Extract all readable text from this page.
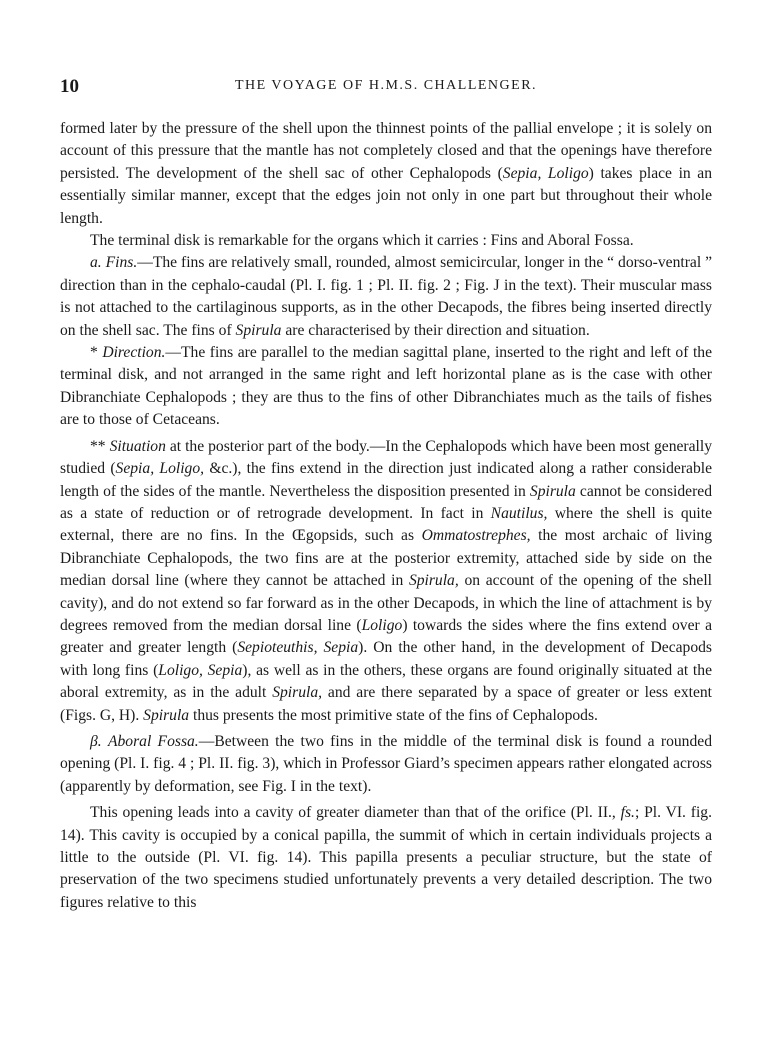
10	THE VOYAGE OF H.M.S. CHALLENGER.

formed later by the pressure of the shell upon the thinnest points of the pallial envelope ; it is solely on account of this pressure that the mantle has not completely closed and that the openings have therefore persisted. The development of the shell sac of other Cephalopods (Sepia, Loligo) takes place in an essentially similar manner, except that the edges join not only in one part but throughout their whole length.

The terminal disk is remarkable for the organs which it carries : Fins and Aboral Fossa.

a. Fins.—The fins are relatively small, rounded, almost semicircular, longer in the “ dorso-ventral ” direction than in the cephalo-caudal (Pl. I. fig. 1 ; Pl. II. fig. 2 ; Fig. J in the text). Their muscular mass is not attached to the cartilaginous supports, as in the other Decapods, the fibres being inserted directly on the shell sac. The fins of Spirula are characterised by their direction and situation.

* Direction.—The fins are parallel to the median sagittal plane, inserted to the right and left of the terminal disk, and not arranged in the same right and left horizontal plane as is the case with other Dibranchiate Cephalopods ; they are thus to the fins of other Dibranchiates much as the tails of fishes are to those of Cetaceans.

** Situation at the posterior part of the body.—In the Cephalopods which have been most generally studied (Sepia, Loligo, &c.), the fins extend in the direction just indicated along a rather considerable length of the sides of the mantle. Nevertheless the disposition presented in Spirula cannot be considered as a state of reduction or of retrograde development. In fact in Nautilus, where the shell is quite external, there are no fins. In the Œgopsids, such as Ommatostrephes, the most archaic of living Dibranchiate Cephalopods, the two fins are at the posterior extremity, attached side by side on the median dorsal line (where they cannot be attached in Spirula, on account of the opening of the shell cavity), and do not extend so far forward as in the other Decapods, in which the line of attachment is by degrees removed from the median dorsal line (Loligo) towards the sides where the fins extend over a greater and greater length (Sepioteuthis, Sepia). On the other hand, in the development of Decapods with long fins (Loligo, Sepia), as well as in the others, these organs are found originally situated at the aboral extremity, as in the adult Spirula, and are there separated by a space of greater or less extent (Figs. G, H). Spirula thus presents the most primitive state of the fins of Cephalopods.

β. Aboral Fossa.—Between the two fins in the middle of the terminal disk is found a rounded opening (Pl. I. fig. 4 ; Pl. II. fig. 3), which in Professor Giard’s specimen appears rather elongated across (apparently by deformation, see Fig. I in the text).

This opening leads into a cavity of greater diameter than that of the orifice (Pl. II., fs.; Pl. VI. fig. 14). This cavity is occupied by a conical papilla, the summit of which in certain individuals projects a little to the outside (Pl. VI. fig. 14). This papilla presents a peculiar structure, but the state of preservation of the two specimens studied unfortunately prevents a very detailed description. The two figures relative to this
